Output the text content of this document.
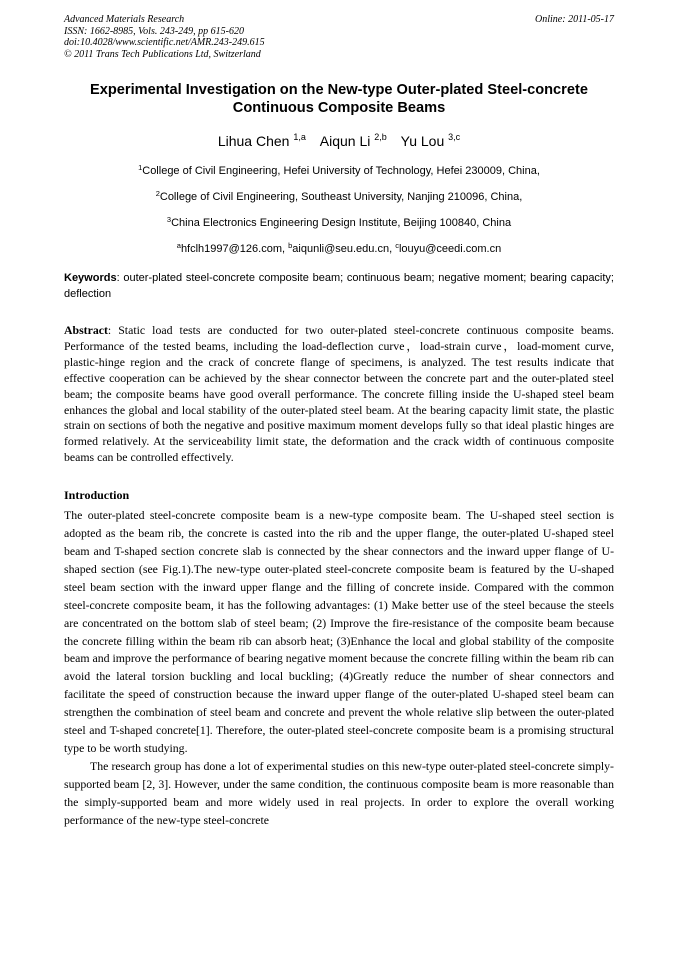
Advanced Materials Research
ISSN: 1662-8985, Vols. 243-249, pp 615-620
doi:10.4028/www.scientific.net/AMR.243-249.615
© 2011 Trans Tech Publications Ltd, Switzerland
Online: 2011-05-17
Experimental Investigation on the New-type Outer-plated Steel-concrete
Continuous Composite Beams
Lihua Chen $^{1,a}$ Aiqun Li $^{2,b}$ Yu Lou $^{3,c}$
$^1$College of Civil Engineering, Hefei University of Technology, Hefei 230009, China,
$^2$College of Civil Engineering, Southeast University, Nanjing 210096, China,
$^3$China Electronics Engineering Design Institute, Beijing 100840, China
$^a$hfclh1997@126.com, $^b$aiqunli@seu.edu.cn, $^c$louyu@ceedi.com.cn
Keywords: outer-plated steel-concrete composite beam; continuous beam; negative moment; bearing capacity; deflection
Abstract: Static load tests are conducted for two outer-plated steel-concrete continuous composite beams. Performance of the tested beams, including the load-deflection curve，load-strain curve，load-moment curve, plastic-hinge region and the crack of concrete flange of specimens, is analyzed. The test results indicate that effective cooperation can be achieved by the shear connector between the concrete part and the outer-plated steel beam; the composite beams have good overall performance. The concrete filling inside the U-shaped steel beam enhances the global and local stability of the outer-plated steel beam. At the bearing capacity limit state, the plastic strain on sections of both the negative and positive maximum moment develops fully so that ideal plastic hinges are formed relatively. At the serviceability limit state, the deformation and the crack width of continuous composite beams can be controlled effectively.
Introduction
The outer-plated steel-concrete composite beam is a new-type composite beam. The U-shaped steel section is adopted as the beam rib, the concrete is casted into the rib and the upper flange, the outer-plated U-shaped steel beam and T-shaped section concrete slab is connected by the shear connectors and the inward upper flange of U-shaped section (see Fig.1).The new-type outer-plated steel-concrete composite beam is featured by the U-shaped steel beam section with the inward upper flange and the filling of concrete inside. Compared with the common steel-concrete composite beam, it has the following advantages: (1) Make better use of the steel because the steels are concentrated on the bottom slab of steel beam; (2) Improve the fire-resistance of the composite beam because the concrete filling within the beam rib can absorb heat; (3)Enhance the local and global stability of the composite beam and improve the performance of bearing negative moment because the concrete filling within the beam rib can avoid the lateral torsion buckling and local buckling; (4)Greatly reduce the number of shear connectors and facilitate the speed of construction because the inward upper flange of the outer-plated U-shaped steel beam can strengthen the combination of steel beam and concrete and prevent the whole relative slip between the outer-plated steel and T-shaped concrete[1]. Therefore, the outer-plated steel-concrete composite beam is a promising structural type to be worth studying.
The research group has done a lot of experimental studies on this new-type outer-plated steel-concrete simply-supported beam [2, 3]. However, under the same condition, the continuous composite beam is more reasonable than the simply-supported beam and more widely used in real projects. In order to explore the overall working performance of the new-type steel-concrete
